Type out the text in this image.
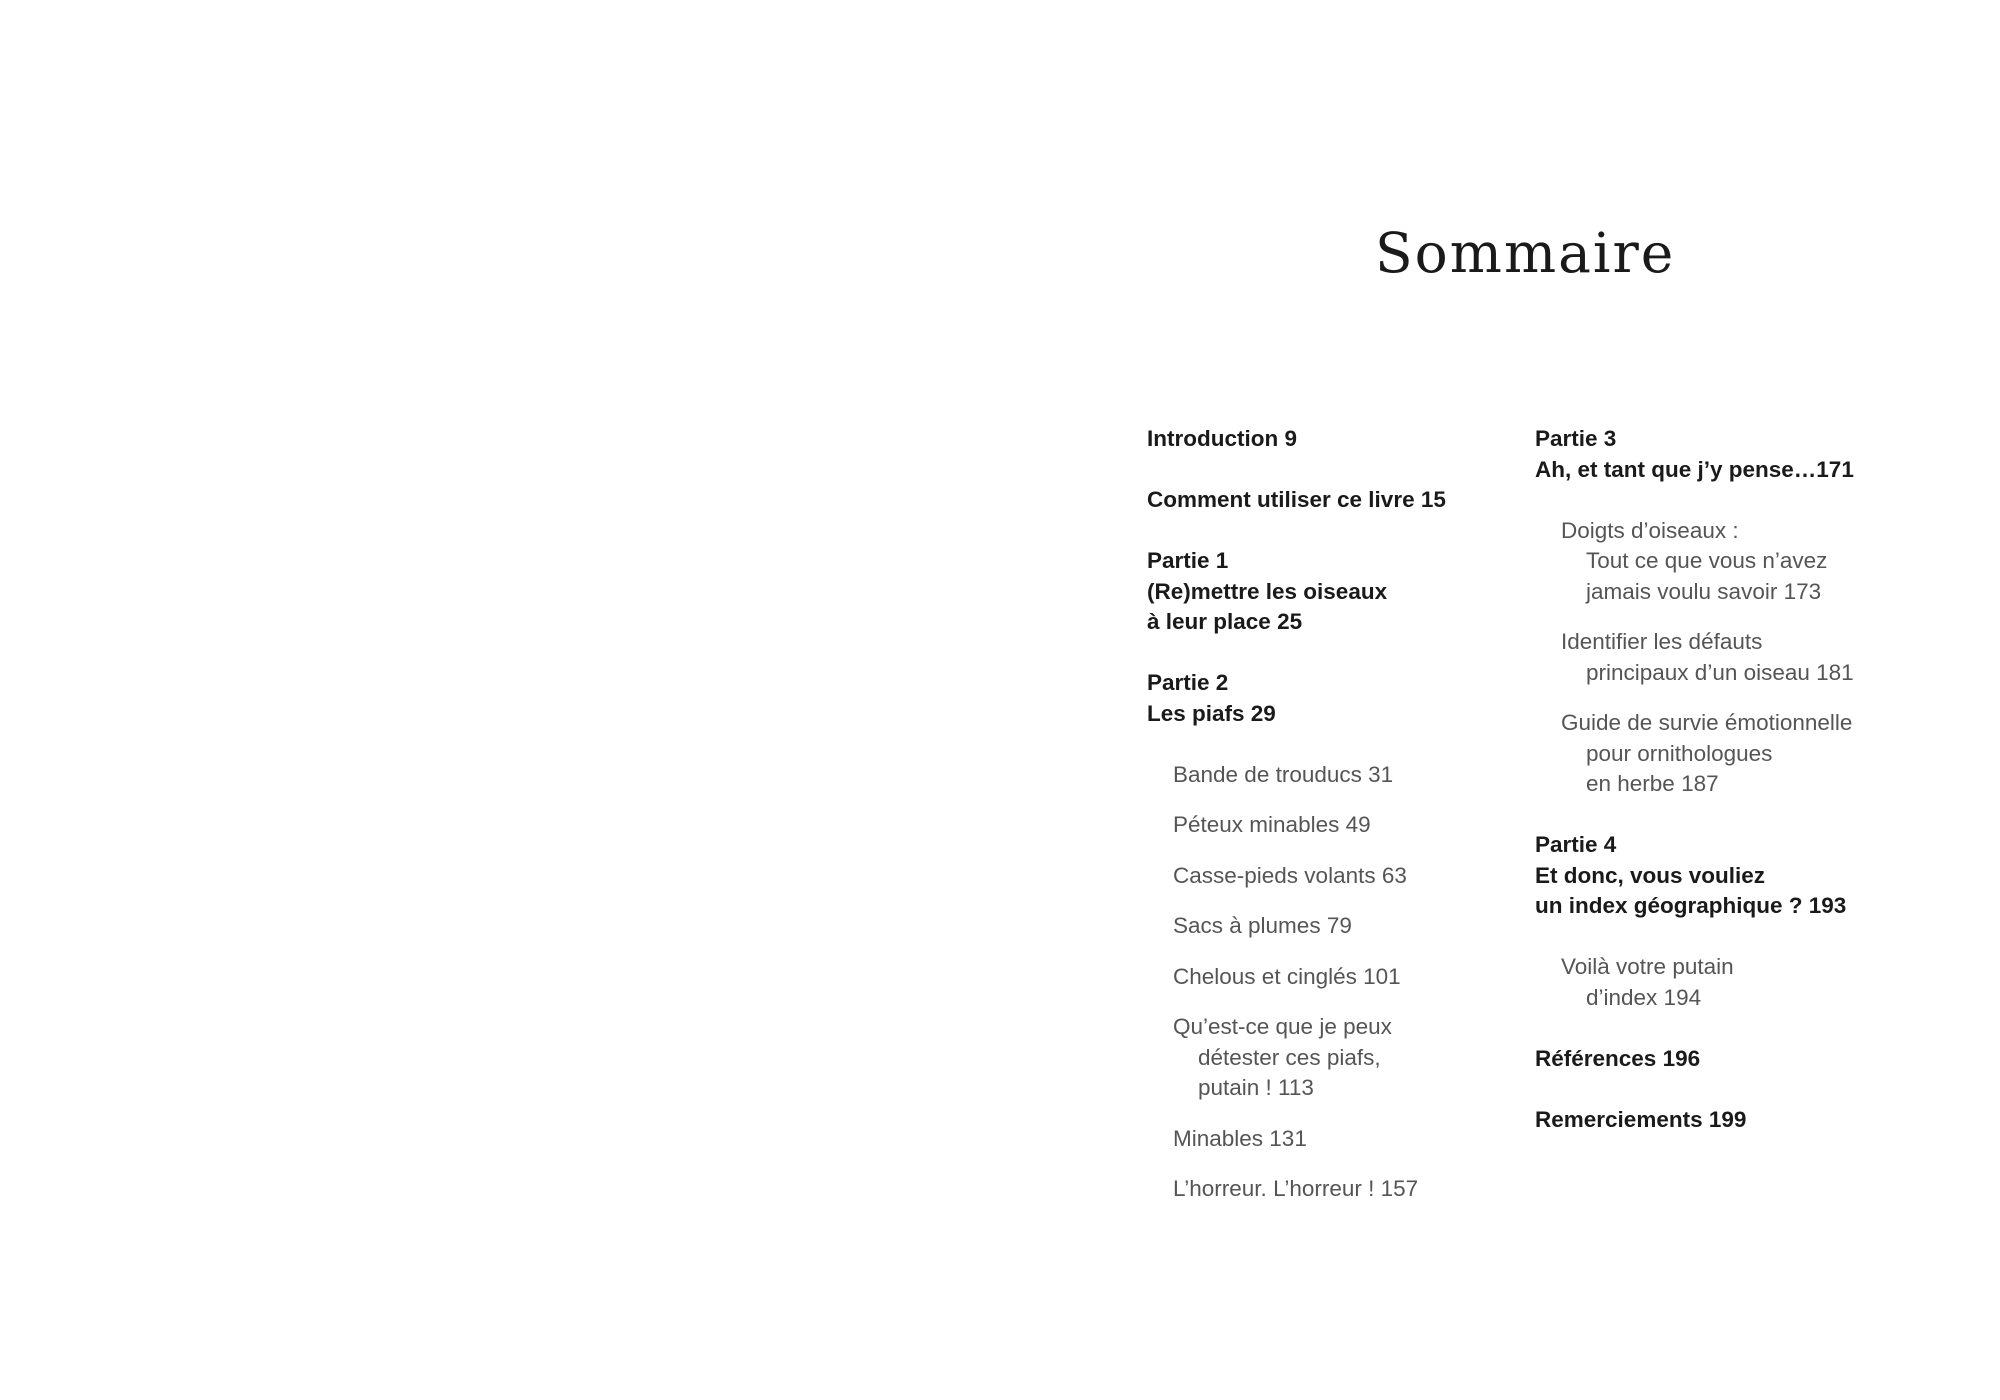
Sommaire
Introduction 9
Comment utiliser ce livre 15
Partie 1
(Re)mettre les oiseaux
à leur place 25
Partie 2
Les piafs 29
Bande de trouducs 31
Péteux minables 49
Casse-pieds volants 63
Sacs à plumes 79
Chelous et cinglés 101
Qu’est-ce que je peux
détester ces piafs,
putain ! 113
Minables 131
L’horreur. L’horreur ! 157
Partie 3
Ah, et tant que j’y pense…171
Doigts d’oiseaux :
Tout ce que vous n’avez
jamais voulu savoir 173
Identifier les défauts
principaux d’un oiseau 181
Guide de survie émotionnelle
pour ornithologues
en herbe 187
Partie 4
Et donc, vous vouliez
un index géographique ? 193
Voilà votre putain
d’index 194
Références 196
Remerciements 199
